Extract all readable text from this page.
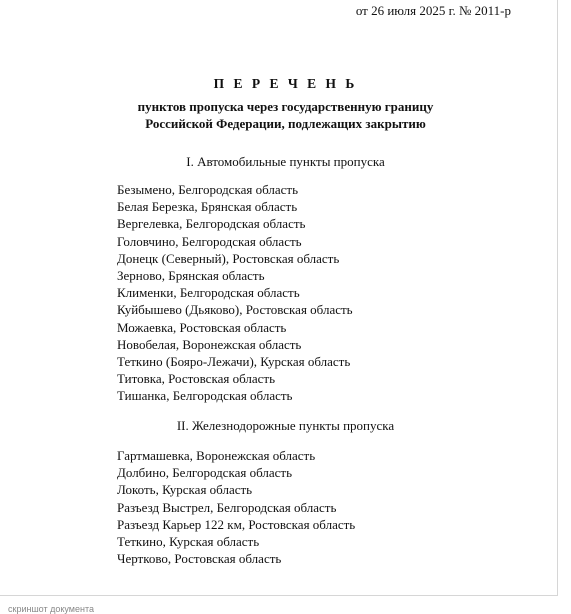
от 26 июля 2025 г. № 2011-р
П Е Р Е Ч Е Н Ь
пунктов пропуска через государственную границу
Российской Федерации, подлежащих закрытию
I. Автомобильные пункты пропуска
Безымено, Белгородская область
Белая Березка, Брянская область
Вергелевка, Белгородская область
Головчино, Белгородская область
Донецк (Северный), Ростовская область
Зерново, Брянская область
Клименки, Белгородская область
Куйбышево (Дьяково), Ростовская область
Можаевка, Ростовская область
Новобелая, Воронежская область
Теткино (Бояро-Лежачи), Курская область
Титовка, Ростовская область
Тишанка, Белгородская область
II. Железнодорожные пункты пропуска
Гартмашевка, Воронежская область
Долбино, Белгородская область
Локоть, Курская область
Разъезд Выстрел, Белгородская область
Разъезд Карьер 122 км, Ростовская область
Теткино, Курская область
Чертково, Ростовская область
скриншот документа
